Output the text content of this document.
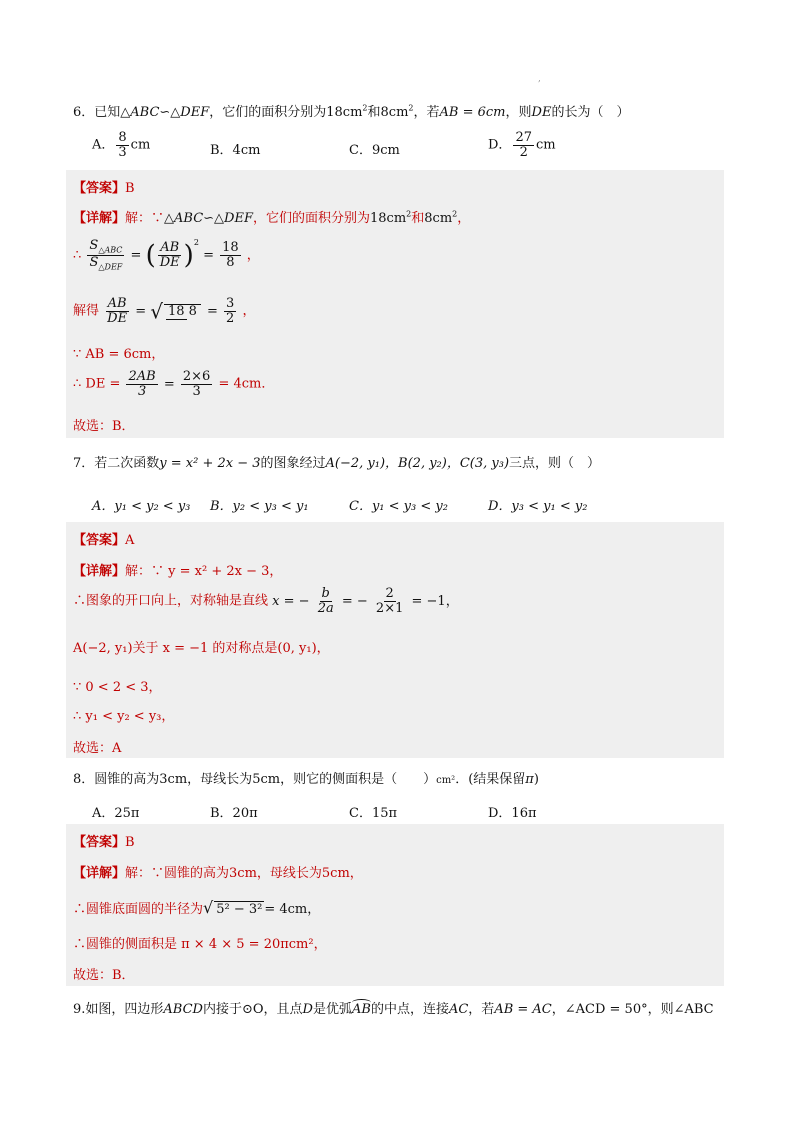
,
6．已知△ABC∽△DEF，它们的面积分别为$18cm^2$和$8cm^2$，若AB = 6cm，则DE的长为（　）
A． $\frac{8}{3}$ cm	B．4cm	C．9cm	D． $\frac{27}{2}$ cm
【答案】B
【详解】解：∵△ABC∽△DEF，它们的面积分别为$18cm^2$和$8cm^2$，
∴ $\frac{S_{\triangle ABC}}{S_{\triangle DEF}}$ = ( $\frac{AB}{DE} )^2 = \frac{18}{8}$ ，
解得 $\frac{AB}{DE}$ = √ 18 $8 = \frac{3}{2}$ ，
∵ AB = 6cm，
∴ DE = $\frac{2AB}{3} = \frac{2\times 6}{3} = 4cm$．
故选：B．
7．若二次函数y = x² + 2x − 3的图象经过A(−2, y₁)，B(2, y₂)，C(3, y₃)三点，则（　）
A．y₁ < y₂ < y₃ B．y₂ < y₃ < y₁	C．y₁ < y₃ < y₂	D．y₃ < y₁ < y₂
【答案】A
【详解】解：∵ y = x² + 2x − 3，
∴图象的开口向上，对称轴是直线 x = − $\frac{b}{2a}$ = − $\frac{2}{2\times 1} = -1$，
A(−2, y₁)关于 x = −1 的对称点是(0, y₁)，
∵ 0 < 2 < 3，
∴ y₁ < y₂ < y₃，
故选：A
8．圆锥的高为3cm，母线长为5cm，则它的侧面积是（　　）cm²．(结果保留π)
A．25π	B．20π	C．15π	D．16π
【答案】B
【详解】解：∵圆锥的高为3cm，母线长为5cm，
∴圆锥底面圆的半径为√ 5² − 3² = 4cm，
∴圆锥的侧面积是 π × 4 × 5 = 20πcm²，
故选：B．
9.如图，四边形ABCD内接于⊙O，且点D是优弧AB的中点，连接AC，若AB = AC，∠ACD = 50°，则∠ABC
